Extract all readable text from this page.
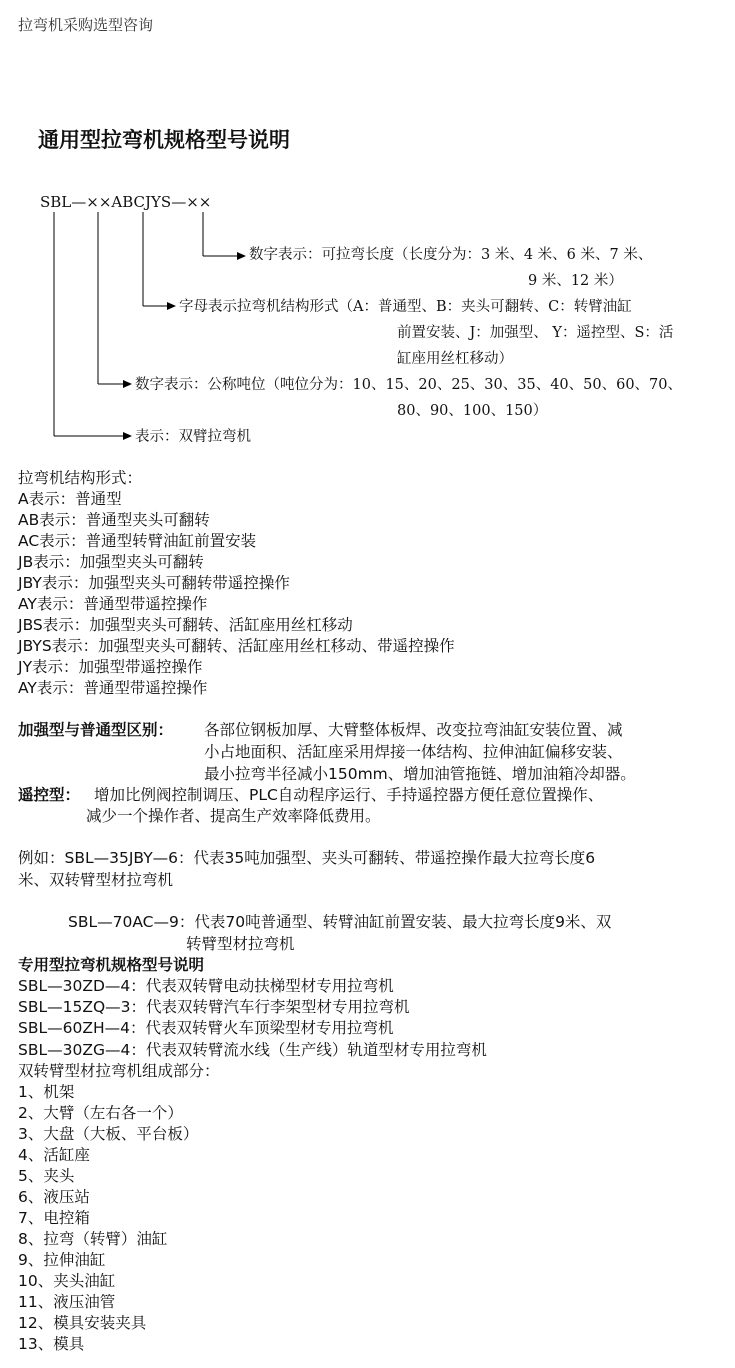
拉弯机采购选型咨询
通用型拉弯机规格型号说明
SBL—××ABCJYS—××
数字表示：可拉弯长度（长度分为：3 米、4 米、6 米、7 米、
9 米、12 米）
字母表示拉弯机结构形式（A：普通型、B：夹头可翻转、C：转臂油缸
前置安装、J：加强型、 Y：遥控型、S：活
缸座用丝杠移动）
数字表示：公称吨位（吨位分为：10、15、20、25、30、35、40、50、60、70、
80、90、100、150）
表示：双臂拉弯机
拉弯机结构形式：
A表示：普通型
AB表示：普通型夹头可翻转
AC表示：普通型转臂油缸前置安装
JB表示：加强型夹头可翻转
JBY表示：加强型夹头可翻转带遥控操作
AY表示：普通型带遥控操作
JBS表示：加强型夹头可翻转、活缸座用丝杠移动
JBYS表示：加强型夹头可翻转、活缸座用丝杠移动、带遥控操作
JY表示：加强型带遥控操作
AY表示：普通型带遥控操作
加强型与普通型区别： 各部位钢板加厚、大臂整体板焊、改变拉弯油缸安装位置、减
小占地面积、活缸座采用焊接一体结构、拉伸油缸偏移安装、
最小拉弯半径减小150mm、增加油管拖链、增加油箱冷却器。
遥控型： 增加比例阀控制调压、PLC自动程序运行、手持遥控器方便任意位置操作、
减少一个操作者、提高生产效率降低费用。
例如：SBL—35JBY—6：代表35吨加强型、夹头可翻转、带遥控操作最大拉弯长度6
米、双转臂型材拉弯机
SBL—70AC—9：代表70吨普通型、转臂油缸前置安装、最大拉弯长度9米、双
转臂型材拉弯机
专用型拉弯机规格型号说明
SBL—30ZD—4：代表双转臂电动扶梯型材专用拉弯机
SBL—15ZQ—3：代表双转臂汽车行李架型材专用拉弯机
SBL—60ZH—4：代表双转臂火车顶梁型材专用拉弯机
SBL—30ZG—4：代表双转臂流水线（生产线）轨道型材专用拉弯机
双转臂型材拉弯机组成部分：
1、机架
2、大臂（左右各一个）
3、大盘（大板、平台板）
4、活缸座
5、夹头
6、液压站
7、电控箱
8、拉弯（转臂）油缸
9、拉伸油缸
10、夹头油缸
11、液压油管
12、模具安装夹具
13、模具
